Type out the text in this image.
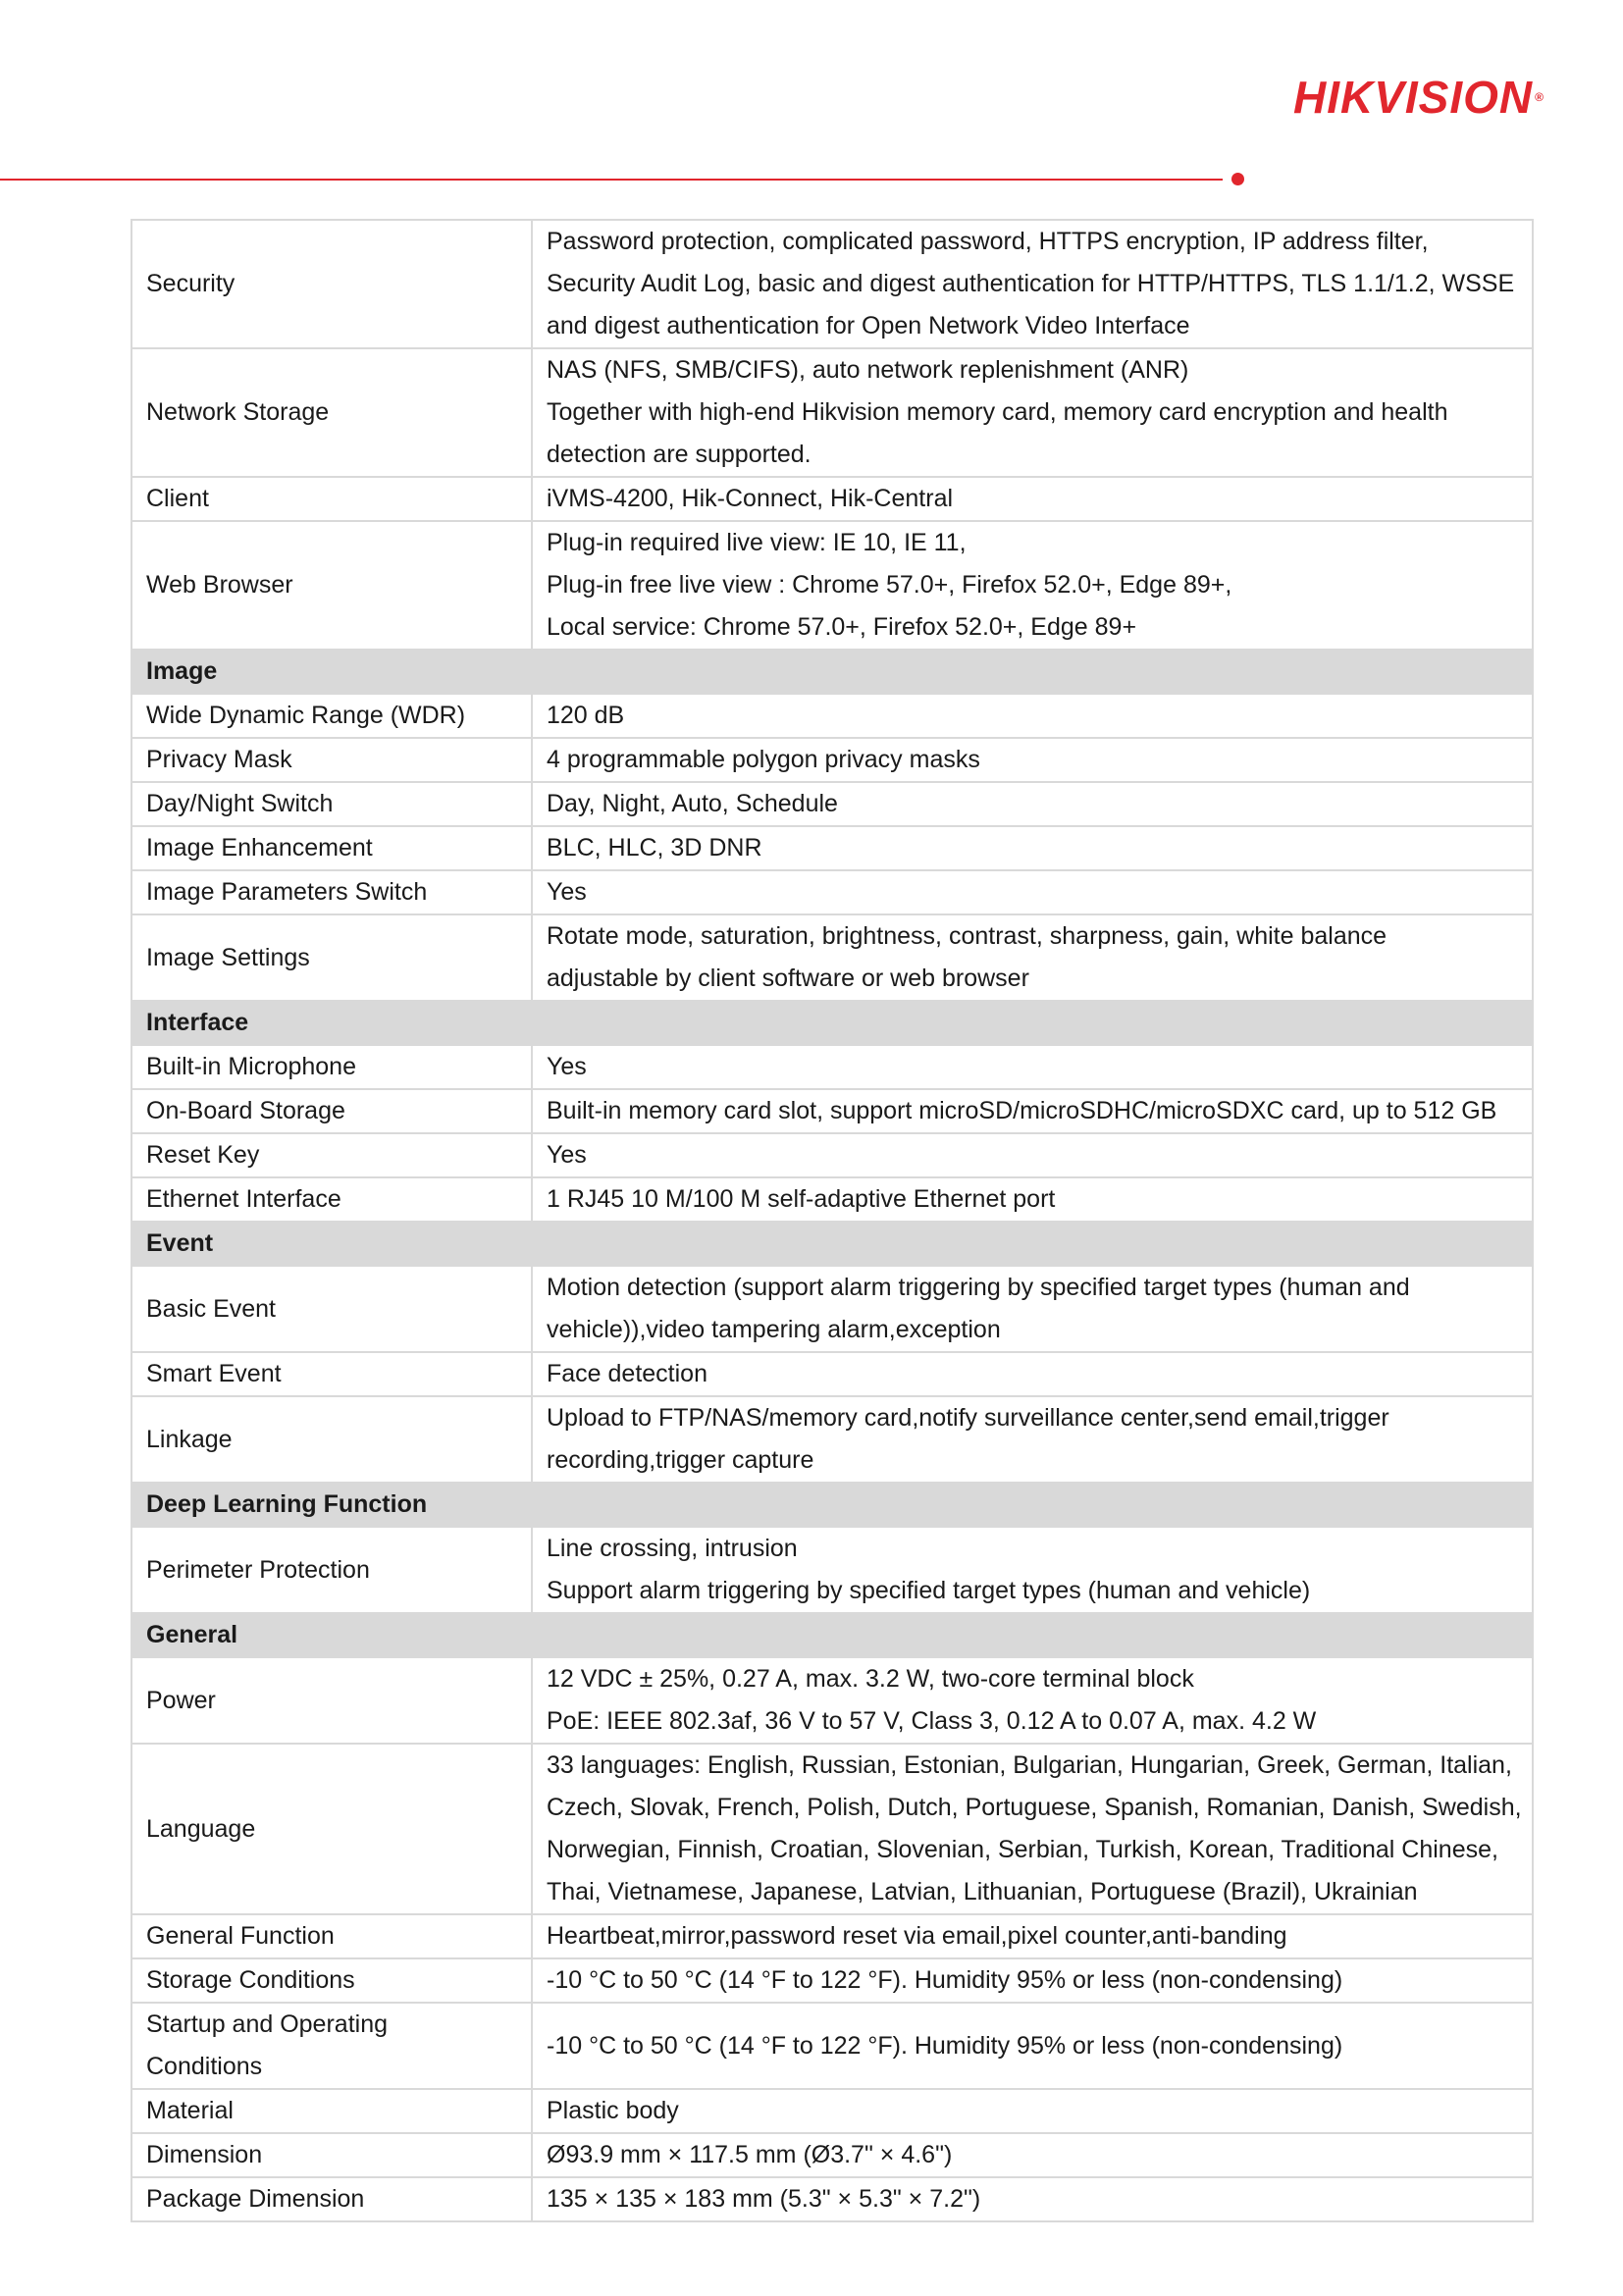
HIKVISION ®
Security	Password protection, complicated password, HTTPS encryption, IP address filter,
Security Audit Log, basic and digest authentication for HTTP/HTTPS, TLS 1.1/1.2, WSSE
and digest authentication for Open Network Video Interface

Network Storage	NAS (NFS, SMB/CIFS), auto network replenishment (ANR)
Together with high-end Hikvision memory card, memory card encryption and health
detection are supported.

Client	iVMS-4200, Hik-Connect, Hik-Central

Web Browser	Plug-in required live view: IE 10, IE 11,
Plug-in free live view : Chrome 57.0+, Firefox 52.0+, Edge 89+,
Local service: Chrome 57.0+, Firefox 52.0+, Edge 89+

Image	
Wide Dynamic Range (WDR)	120 dB

Privacy Mask	4 programmable polygon privacy masks

Day/Night Switch	Day, Night, Auto, Schedule

Image Enhancement	BLC, HLC, 3D DNR

Image Parameters Switch	Yes

Image Settings	Rotate mode, saturation, brightness, contrast, sharpness, gain, white balance
adjustable by client software or web browser

Interface	
Built-in Microphone	Yes

On-Board Storage	Built-in memory card slot, support microSD/microSDHC/microSDXC card, up to 512 GB

Reset Key	Yes

Ethernet Interface	1 RJ45 10 M/100 M self-adaptive Ethernet port

Event	
Basic Event	Motion detection (support alarm triggering by specified target types (human and
vehicle)),video tampering alarm,exception

Smart Event	Face detection

Linkage	Upload to FTP/NAS/memory card,notify surveillance center,send email,trigger
recording,trigger capture

Deep Learning Function	
Perimeter Protection	Line crossing, intrusion
Support alarm triggering by specified target types (human and vehicle)

General	
Power	12 VDC ± 25%, 0.27 A, max. 3.2 W, two-core terminal block
PoE: IEEE 802.3af, 36 V to 57 V, Class 3, 0.12 A to 0.07 A, max. 4.2 W

Language	33 languages: English, Russian, Estonian, Bulgarian, Hungarian, Greek, German, Italian,
Czech, Slovak, French, Polish, Dutch, Portuguese, Spanish, Romanian, Danish, Swedish,
Norwegian, Finnish, Croatian, Slovenian, Serbian, Turkish, Korean, Traditional Chinese,
Thai, Vietnamese, Japanese, Latvian, Lithuanian, Portuguese (Brazil), Ukrainian

General Function	Heartbeat,mirror,password reset via email,pixel counter,anti-banding

Storage Conditions	-10 °C to 50 °C (14 °F to 122 °F). Humidity 95% or less (non-condensing)

Startup and Operating
Conditions	-10 °C to 50 °C (14 °F to 122 °F). Humidity 95% or less (non-condensing)

Material	Plastic body

Dimension	Ø93.9 mm × 117.5 mm (Ø3.7" × 4.6")

Package Dimension	135 × 135 × 183 mm (5.3" × 5.3" × 7.2")
